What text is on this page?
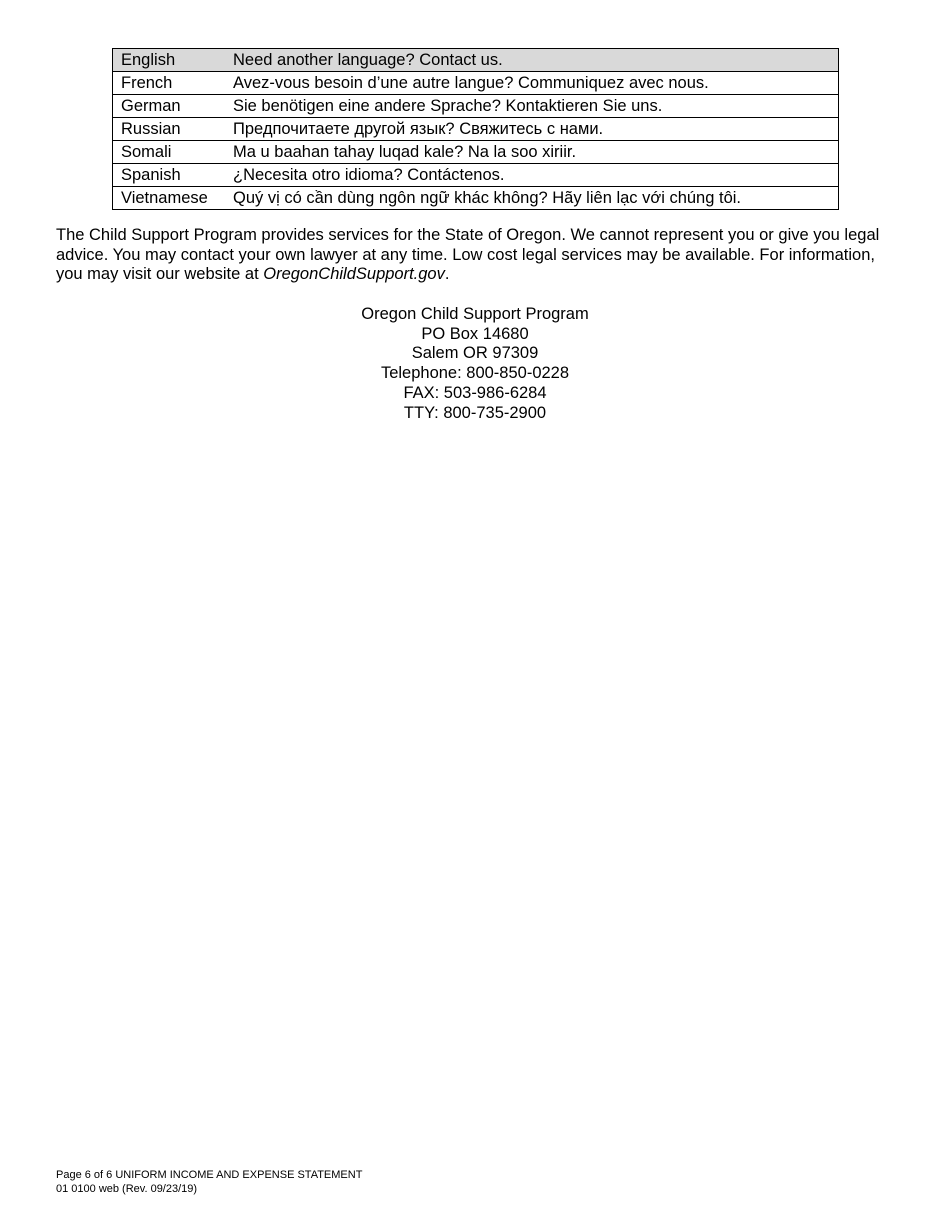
English	Need another language? Contact us.
French	Avez-vous besoin d’une autre langue? Communiquez avec nous.
German	Sie benötigen eine andere Sprache? Kontaktieren Sie uns.
Russian	Предпочитаете другой язык? Свяжитесь с нами.
Somali	Ma u baahan tahay luqad kale? Na la soo xiriir.
Spanish	¿Necesita otro idioma? Contáctenos.
Vietnamese	Quý vị có cần dùng ngôn ngữ khác không? Hãy liên lạc với chúng tôi.

The Child Support Program provides services for the State of Oregon. We cannot represent you or give you legal advice. You may contact your own lawyer at any time. Low cost legal services may be available. For information, you may visit our website at OregonChildSupport.gov.

Oregon Child Support Program
PO Box 14680
Salem OR 97309
Telephone: 800-850-0228
FAX: 503-986-6284
TTY: 800-735-2900
Page 6 of 6 UNIFORM INCOME AND EXPENSE STATEMENT
01 0100 web (Rev. 09/23/19)
